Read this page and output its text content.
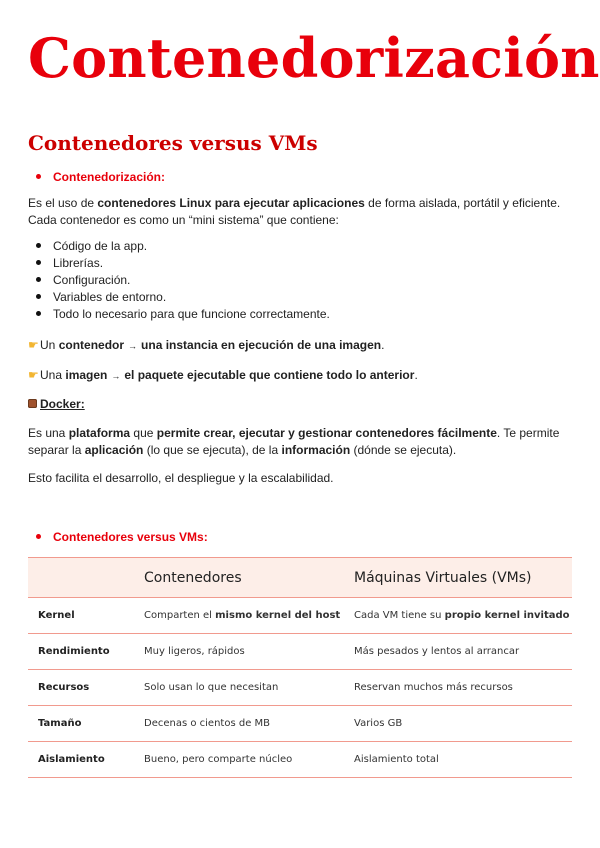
Contenedorización
Contenedores versus VMs
Contenedorización:
Es el uso de contenedores Linux para ejecutar aplicaciones de forma aislada, portátil y eficiente.
Cada contenedor es como un “mini sistema” que contiene:
Código de la app.
Librerías.
Configuración.
Variables de entorno.
Todo lo necesario para que funcione correctamente.
☛Un contenedor → una instancia en ejecución de una imagen.
☛Una imagen → el paquete ejecutable que contiene todo lo anterior.
Docker:
Es una plataforma que permite crear, ejecutar y gestionar contenedores fácilmente. Te permite
separar la aplicación (lo que se ejecuta), de la información (dónde se ejecuta).
Esto facilita el desarrollo, el despliegue y la escalabilidad.
Contenedores versus VMs:
	Contenedores	Máquinas Virtuales (VMs)
Kernel	Comparten el mismo kernel del host	Cada VM tiene su propio kernel invitado
Rendimiento	Muy ligeros, rápidos	Más pesados y lentos al arrancar
Recursos	Solo usan lo que necesitan	Reservan muchos más recursos
Tamaño	Decenas o cientos de MB	Varios GB
Aislamiento	Bueno, pero comparte núcleo	Aislamiento total
